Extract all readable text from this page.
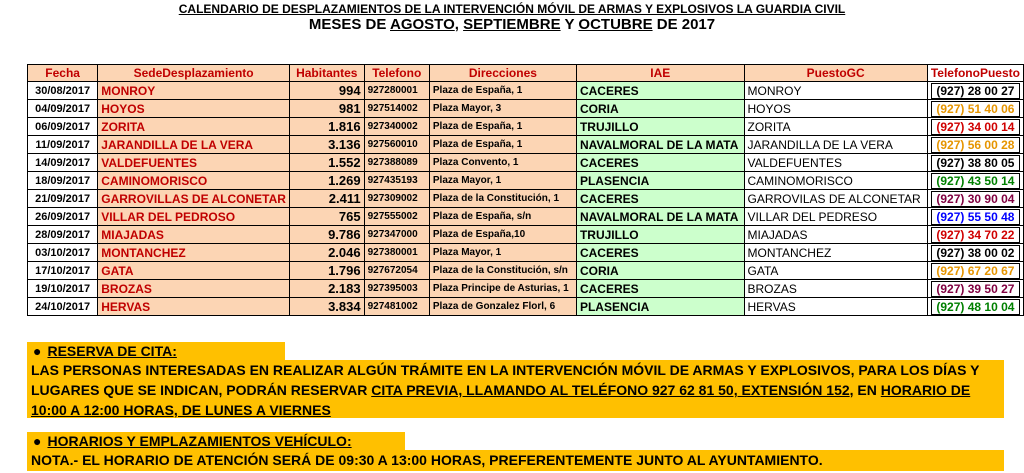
CALENDARIO DE DESPLAZAMIENTOS DE LA INTERVENCIÓN MÓVIL DE ARMAS Y EXPLOSIVOS LA GUARDIA CIVIL
MESES DE AGOSTO, SEPTIEMBRE Y OCTUBRE DE 2017
Fecha	SedeDesplazamiento	Habitantes	Telefono	Direcciones	IAE	PuestoGC	TelefonoPuesto
30/08/2017	MONROY	994	927280001	Plaza de España, 1	CACERES	MONROY	(927) 28 00 27

04/09/2017	HOYOS	981	927514002	Plaza Mayor, 3	CORIA	HOYOS	(927) 51 40 06

06/09/2017	ZORITA	1.816	927340002	Plaza de España, 1	TRUJILLO	ZORITA	(927) 34 00 14

11/09/2017	JARANDILLA DE LA VERA	3.136	927560010	Plaza de España, 1	NAVALMORAL DE LA MATA	JARANDILLA DE LA VERA	(927) 56 00 28

14/09/2017	VALDEFUENTES	1.552	927388089	Plaza Convento, 1	CACERES	VALDEFUENTES	(927) 38 80 05

18/09/2017	CAMINOMORISCO	1.269	927435193	Plaza Mayor, 1	PLASENCIA	CAMINOMORISCO	(927) 43 50 14

21/09/2017	GARROVILLAS DE ALCONETAR	2.411	927309002	Plaza de la Constitución, 1	CACERES	GARROVILAS DE ALCONETAR	(927) 30 90 04

26/09/2017	VILLAR DEL PEDROSO	765	927555002	Plaza de España, s/n	NAVALMORAL DE LA MATA	VILLAR DEL PEDRESO	(927) 55 50 48

28/09/2017	MIAJADAS	9.786	927347000	Plaza de España,10	TRUJILLO	MIAJADAS	(927) 34 70 22

03/10/2017	MONTANCHEZ	2.046	927380001	Plaza Mayor, 1	CACERES	MONTANCHEZ	(927) 38 00 02

17/10/2017	GATA	1.796	927672054	Plaza de la Constitución, s/n	CORIA	GATA	(927) 67 20 67

19/10/2017	BROZAS	2.183	927395003	Plaza Principe de Asturias, 1	CACERES	BROZAS	(927) 39 50 27

24/10/2017	HERVAS	3.834	927481002	Plaza de Gonzalez Florl, 6	PLASENCIA	HERVAS	(927) 48 10 04
● RESERVA DE CITA:
LAS PERSONAS INTERESADAS EN REALIZAR ALGÚN TRÁMITE EN LA INTERVENCIÓN MÓVIL DE ARMAS Y EXPLOSIVOS, PARA LOS DÍAS Y LUGARES QUE SE INDICAN, PODRÁN RESERVAR CITA PREVIA, LLAMANDO AL TELÉFONO 927 62 81 50, EXTENSIÓN 152, EN HORARIO DE 10:00 A 12:00 HORAS, DE LUNES A VIERNES
● HORARIOS Y EMPLAZAMIENTOS VEHÍCULO:
NOTA.- EL HORARIO DE ATENCIÓN SERÁ DE 09:30 A 13:00 HORAS, PREFERENTEMENTE JUNTO AL AYUNTAMIENTO.
